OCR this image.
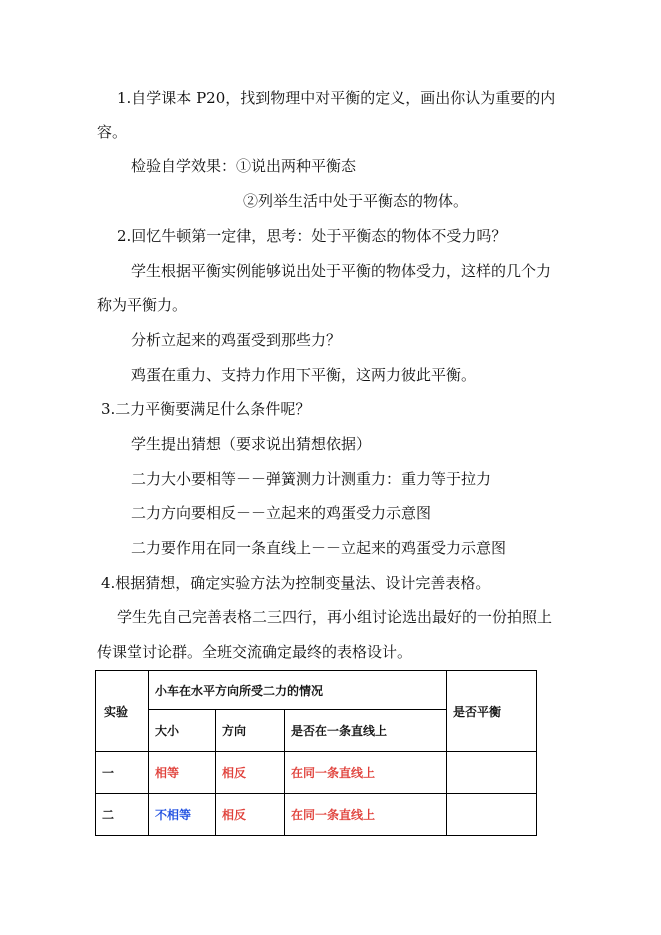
1.自学课本 P20，找到物理中对平衡的定义，画出你认为重要的内
容。
检验自学效果：①说出两种平衡态
②列举生活中处于平衡态的物体。
2.回忆牛顿第一定律，思考：处于平衡态的物体不受力吗？
学生根据平衡实例能够说出处于平衡的物体受力，这样的几个力
称为平衡力。
分析立起来的鸡蛋受到那些力？
鸡蛋在重力、支持力作用下平衡，这两力彼此平衡。
3.二力平衡要满足什么条件呢？
学生提出猜想（要求说出猜想依据）
二力大小要相等－－弹簧测力计测重力：重力等于拉力
二力方向要相反－－立起来的鸡蛋受力示意图
二力要作用在同一条直线上－－立起来的鸡蛋受力示意图
4.根据猜想，确定实验方法为控制变量法、设计完善表格。
学生先自己完善表格二三四行，再小组讨论选出最好的一份拍照上
传课堂讨论群。全班交流确定最终的表格设计。
实验	小车在水平方向所受二力的情况			是否平衡
	大小	方向	是否在一条直线上	
一	相等	相反	在同一条直线上	
二	不相等	相反	在同一条直线上	
